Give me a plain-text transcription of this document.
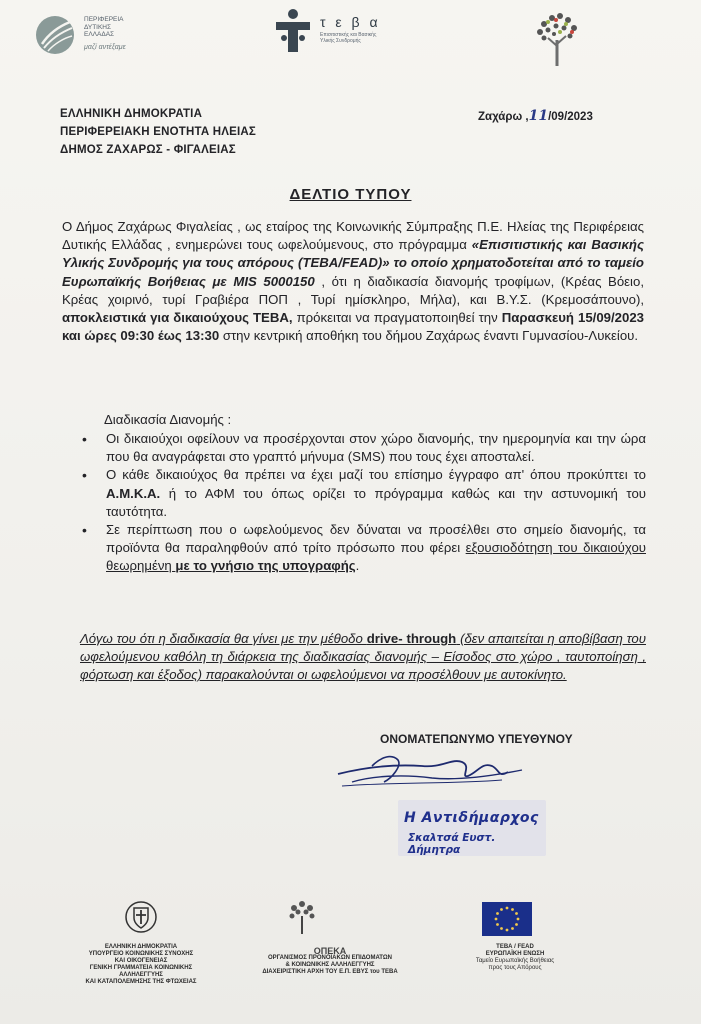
ΠΕΡΙΦΕΡΕΙΑ
ΔΥΤΙΚΗΣ
ΕΛΛΑΔΑΣ
μαζί αντέξαμε
τ ε β α
Επισιτιστικής και Βασικής
Υλικής Συνδρομής
ΕΛΛΗΝΙΚΗ ΔΗΜΟΚΡΑΤΙΑ
ΠΕΡΙΦΕΡΕΙΑΚΗ ΕΝΟΤΗΤΑ ΗΛΕΙΑΣ
ΔΗΜΟΣ ΖΑΧΑΡΩΣ - ΦΙΓΑΛΕΙΑΣ
Ζαχάρω ,11/09/2023
ΔΕΛΤΙΟ ΤΥΠΟΥ
Ο Δήμος Ζαχάρως Φιγαλείας , ως εταίρος της Κοινωνικής Σύμπραξης Π.Ε. Ηλείας της Περιφέρειας Δυτικής Ελλάδας , ενημερώνει τους ωφελούμενους, στο πρόγραμμα «Επισιτιστικής και Βασικής Υλικής Συνδρομής για τους απόρους (ΤΕΒΑ/FEAD)» το οποίο χρηματοδοτείται από το ταμείο Ευρωπαϊκής Βοήθειας με MIS 5000150 , ότι η διαδικασία διανομής τροφίμων, (Κρέας Βόειο, Κρέας χοιρινό, τυρί Γραβιέρα ΠΟΠ , Τυρί ημίσκληρο, Μήλα), και Β.Υ.Σ. (Κρεμοσάπουνο), αποκλειστικά για δικαιούχους ΤΕΒΑ, πρόκειται να πραγματοποιηθεί την Παρασκευή 15/09/2023 και ώρες 09:30 έως 13:30 στην κεντρική αποθήκη του δήμου Ζαχάρως έναντι Γυμνασίου-Λυκείου.
Διαδικασία Διανομής :
• Οι δικαιούχοι οφείλουν να προσέρχονται στον χώρο διανομής, την ημερομηνία και την ώρα που θα αναγράφεται στο γραπτό μήνυμα (SMS) που τους έχει αποσταλεί.
• Ο κάθε δικαιούχος θα πρέπει να έχει μαζί του επίσημο έγγραφο απ' όπου προκύπτει το Α.Μ.Κ.Α. ή το ΑΦΜ του όπως ορίζει το πρόγραμμα καθώς και την αστυνομική του ταυτότητα.
• Σε περίπτωση που ο ωφελούμενος δεν δύναται να προσέλθει στο σημείο διανομής, τα προϊόντα θα παραληφθούν από τρίτο πρόσωπο που φέρει εξουσιοδότηση του δικαιούχου θεωρημένη με το γνήσιο της υπογραφής.
Λόγω του ότι η διαδικασία θα γίνει με την μέθοδο drive- through (δεν απαιτείται η αποβίβαση του ωφελούμενου καθόλη τη διάρκεια της διαδικασίας διανομής – Είσοδος στο χώρο , ταυτοποίηση , φόρτωση και έξοδος) παρακαλούνται οι ωφελούμενοι να προσέλθουν με αυτοκίνητο.
ΟΝΟΜΑΤΕΠΩΝΥΜΟ ΥΠΕΥΘΥΝΟΥ
Η Αντιδήμαρχος
Σκαλτσά Ευστ. Δήμητρα
ΕΛΛΗΝΙΚΗ ΔΗΜΟΚΡΑΤΙΑ
ΥΠΟΥΡΓΕΙΟ ΚΟΙΝΩΝΙΚΗΣ ΣΥΝΟΧΗΣ
ΚΑΙ ΟΙΚΟΓΕΝΕΙΑΣ
ΓΕΝΙΚΗ ΓΡΑΜΜΑΤΕΙΑ ΚΟΙΝΩΝΙΚΗΣ
ΑΛΛΗΛΕΓΓΥΗΣ
ΚΑΙ ΚΑΤΑΠΟΛΕΜΗΣΗΣ ΤΗΣ ΦΤΩΧΕΙΑΣ
ΟΠΕΚΑ
ΟΡΓΑΝΙΣΜΟΣ ΠΡΟΝΟΙΑΚΩΝ ΕΠΙΔΟΜΑΤΩΝ
& ΚΟΙΝΩΝΙΚΗΣ ΑΛΛΗΛΕΓΓΥΗΣ
ΔΙΑΧΕΙΡΙΣΤΙΚΗ ΑΡΧΗ ΤΟΥ Ε.Π. ΕΒΥΣ του ΤΕΒΑ
ΤΕΒΑ / FEAD
ΕΥΡΩΠΑΪΚΗ ΕΝΩΣΗ
Ταμείο Ευρωπαϊκής Βοήθειας
προς τους Απόρους
